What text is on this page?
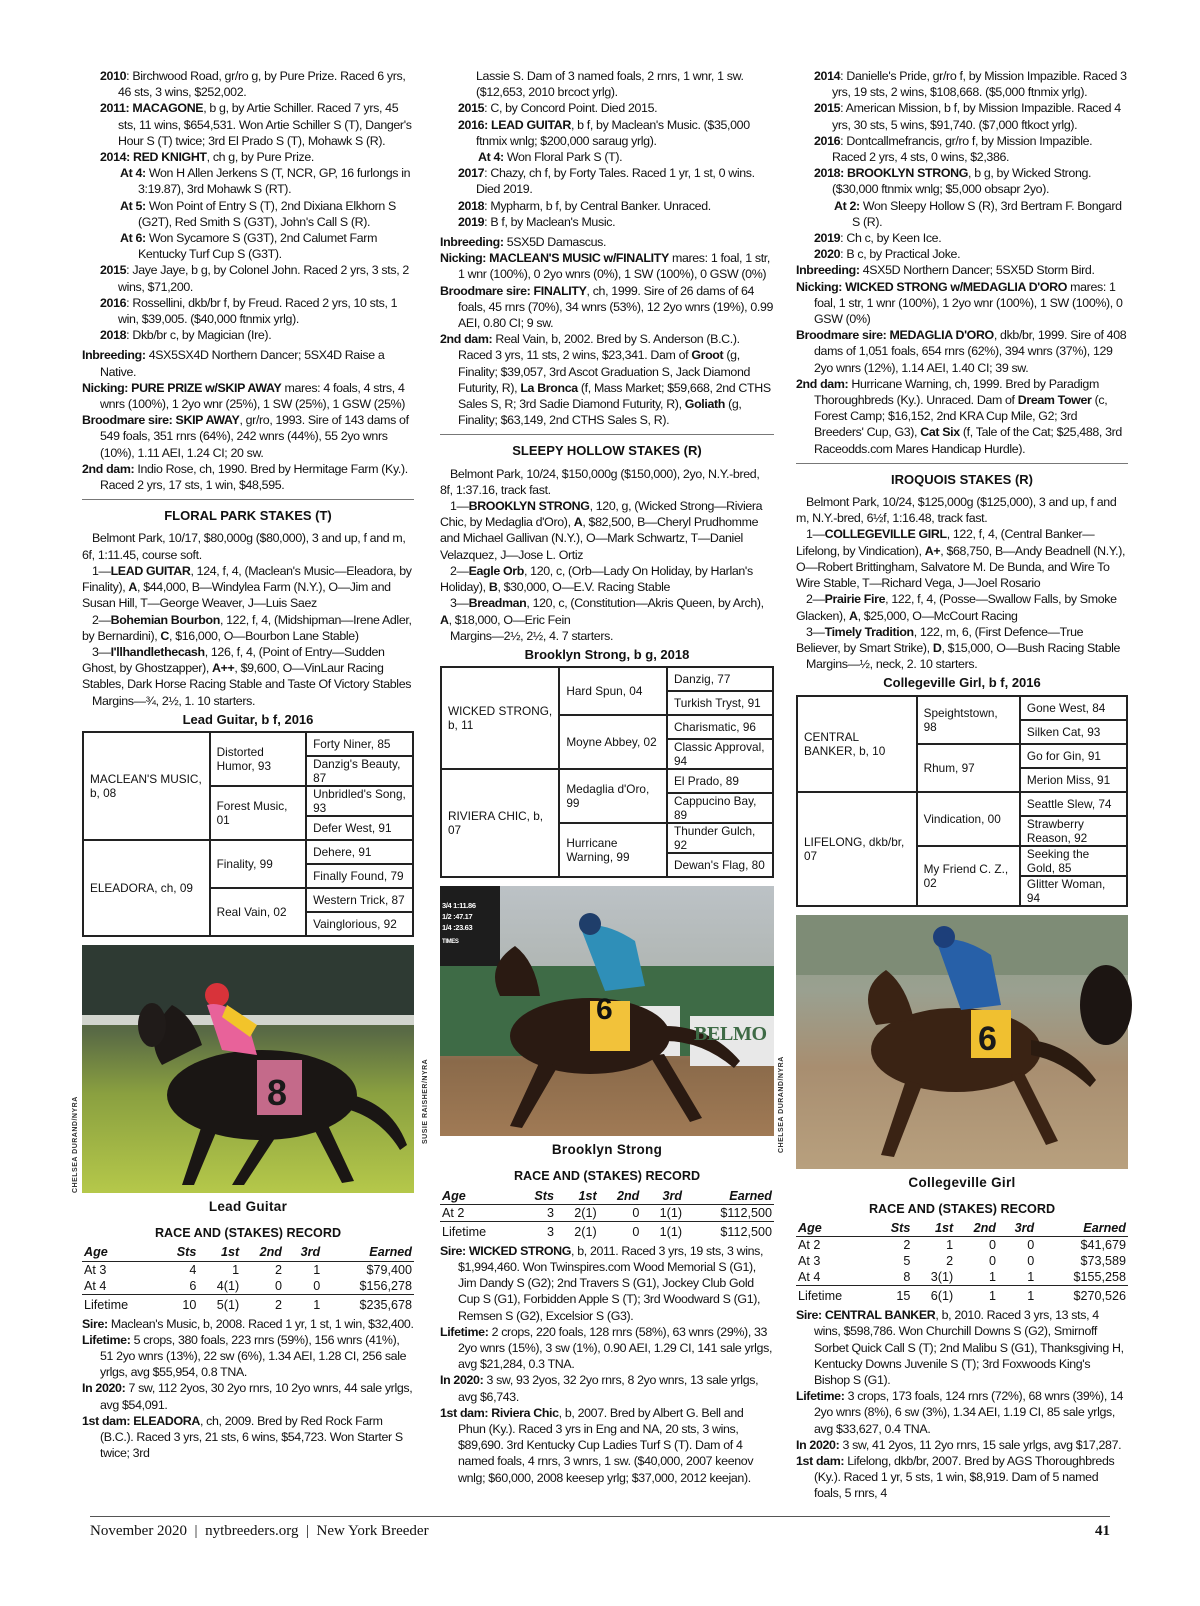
2010: Birchwood Road, gr/ro g, by Pure Prize. Raced 6 yrs, 46 sts, 3 wins, $252,002.

2011: MACAGONE, b g, by Artie Schiller. Raced 7 yrs, 45 sts, 11 wins, $654,531. Won Artie Schiller S (T), Danger's Hour S (T) twice; 3rd El Prado S (T), Mohawk S (R).

2014: RED KNIGHT, ch g, by Pure Prize.

At 4: Won H Allen Jerkens S (T, NCR, GP, 16 furlongs in 3:19.87), 3rd Mohawk S (RT).

At 5: Won Point of Entry S (T), 2nd Dixiana Elkhorn S (G2T), Red Smith S (G3T), John's Call S (R).

At 6: Won Sycamore S (G3T), 2nd Calumet Farm Kentucky Turf Cup S (G3T).

2015: Jaye Jaye, b g, by Colonel John. Raced 2 yrs, 3 sts, 2 wins, $71,200.

2016: Rossellini, dkb/br f, by Freud. Raced 2 yrs, 10 sts, 1 win, $39,005. ($40,000 ftnmix yrlg).

2018: Dkb/br c, by Magician (Ire).

Inbreeding: 4SX5SX4D Northern Dancer; 5SX4D Raise a Native.

Nicking: PURE PRIZE w/SKIP AWAY mares: 4 foals, 4 strs, 4 wnrs (100%), 1 2yo wnr (25%), 1 SW (25%), 1 GSW (25%)

Broodmare sire: SKIP AWAY, gr/ro, 1993. Sire of 143 dams of 549 foals, 351 rnrs (64%), 242 wnrs (44%), 55 2yo wnrs (10%), 1.11 AEI, 1.24 CI; 20 sw.

2nd dam: Indio Rose, ch, 1990. Bred by Hermitage Farm (Ky.). Raced 2 yrs, 17 sts, 1 win, $48,595.

FLORAL PARK STAKES (T)

Belmont Park, 10/17, $80,000g ($80,000), 3 and up, f and m, 6f, 1:11.45, course soft.

1—LEAD GUITAR, 124, f, 4, (Maclean's Music—Eleadora, by Finality), A, $44,000, B—Windylea Farm (N.Y.), O—Jim and Susan Hill, T—George Weaver, J—Luis Saez

2—Bohemian Bourbon, 122, f, 4, (Midshipman—Irene Adler, by Bernardini), C, $16,000, O—Bourbon Lane Stable)

3—I'llhandlethecash, 126, f, 4, (Point of Entry—Sudden Ghost, by Ghostzapper), A++, $9,600, O—VinLaur Racing Stables, Dark Horse Racing Stable and Taste Of Victory Stables

Margins—¾, 2½, 1. 10 starters.

Lead Guitar, b f, 2016
MACLEAN'S MUSIC, b, 08	Distorted Humor, 93	Forty Niner, 85
		Danzig's Beauty, 87
	Forest Music, 01	Unbridled's Song, 93
		Defer West, 91
ELEADORA, ch, 09	Finality, 99	Dehere, 91
		Finally Found, 79
	Real Vain, 02	Western Trick, 87
		Vainglorious, 92
8
CHELSEA DURAND/NYRA
Lead Guitar
RACE AND (STAKES) RECORD
Age	Sts	1st	2nd	3rd	Earned
At 3	4	1	2	1	$79,400
At 4	6	4(1)	0	0	$156,278
Lifetime	10	5(1)	2	1	$235,678

Sire: Maclean's Music, b, 2008. Raced 1 yr, 1 st, 1 win, $32,400.

Lifetime: 5 crops, 380 foals, 223 rnrs (59%), 156 wnrs (41%), 51 2yo wnrs (13%), 22 sw (6%), 1.34 AEI, 1.28 CI, 256 sale yrlgs, avg $55,954, 0.8 TNA.

In 2020: 7 sw, 112 2yos, 30 2yo rnrs, 10 2yo wnrs, 44 sale yrlgs, avg $54,091.

1st dam: ELEADORA, ch, 2009. Bred by Red Rock Farm (B.C.). Raced 3 yrs, 21 sts, 6 wins, $54,723. Won Starter S twice; 3rd

Lassie S. Dam of 3 named foals, 2 rnrs, 1 wnr, 1 sw. ($12,653, 2010 brcoct yrlg).

2015: C, by Concord Point. Died 2015.

2016: LEAD GUITAR, b f, by Maclean's Music. ($35,000 ftnmix wnlg; $200,000 saraug yrlg).

At 4: Won Floral Park S (T).

2017: Chazy, ch f, by Forty Tales. Raced 1 yr, 1 st, 0 wins. Died 2019.

2018: Mypharm, b f, by Central Banker. Unraced.

2019: B f, by Maclean's Music.

Inbreeding: 5SX5D Damascus.

Nicking: MACLEAN'S MUSIC w/FINALITY mares: 1 foal, 1 str, 1 wnr (100%), 0 2yo wnrs (0%), 1 SW (100%), 0 GSW (0%)

Broodmare sire: FINALITY, ch, 1999. Sire of 26 dams of 64 foals, 45 rnrs (70%), 34 wnrs (53%), 12 2yo wnrs (19%), 0.99 AEI, 0.80 CI; 9 sw.

2nd dam: Real Vain, b, 2002. Bred by S. Anderson (B.C.). Raced 3 yrs, 11 sts, 2 wins, $23,341. Dam of Groot (g, Finality; $39,057, 3rd Ascot Graduation S, Jack Diamond Futurity, R), La Bronca (f, Mass Market; $59,668, 2nd CTHS Sales S, R; 3rd Sadie Diamond Futurity, R), Goliath (g, Finality; $63,149, 2nd CTHS Sales S, R).

SLEEPY HOLLOW STAKES (R)

Belmont Park, 10/24, $150,000g ($150,000), 2yo, N.Y.-bred, 8f, 1:37.16, track fast.

1—BROOKLYN STRONG, 120, g, (Wicked Strong—Riviera Chic, by Medaglia d'Oro), A, $82,500, B—Cheryl Prudhomme and Michael Gallivan (N.Y.), O—Mark Schwartz, T—Daniel Velazquez, J—Jose L. Ortiz

2—Eagle Orb, 120, c, (Orb—Lady On Holiday, by Harlan's Holiday), B, $30,000, O—E.V. Racing Stable

3—Breadman, 120, c, (Constitution—Akris Queen, by Arch), A, $18,000, O—Eric Fein

Margins—2½, 2½, 4. 7 starters.

Brooklyn Strong, b g, 2018
WICKED STRONG, b, 11	Hard Spun, 04	Danzig, 77
		Turkish Tryst, 91
	Moyne Abbey, 02	Charismatic, 96
		Classic Approval, 94
RIVIERA CHIC, b, 07	Medaglia d'Oro, 99	El Prado, 89
		Cappucino Bay, 89
	Hurricane Warning, 99	Thunder Gulch, 92
		Dewan's Flag, 80
3/4 1:11.86
1/2 :47.17
1/4 :23.63
TIMES
6
BELMO
SUSIE RAISHER/NYRA
Brooklyn Strong
RACE AND (STAKES) RECORD
Age	Sts	1st	2nd	3rd	Earned
At 2	3	2(1)	0	1(1)	$112,500
Lifetime	3	2(1)	0	1(1)	$112,500

Sire: WICKED STRONG, b, 2011. Raced 3 yrs, 19 sts, 3 wins, $1,994,460. Won Twinspires.com Wood Memorial S (G1), Jim Dandy S (G2); 2nd Travers S (G1), Jockey Club Gold Cup S (G1), Forbidden Apple S (T); 3rd Woodward S (G1), Remsen S (G2), Excelsior S (G3).

Lifetime: 2 crops, 220 foals, 128 rnrs (58%), 63 wnrs (29%), 33 2yo wnrs (15%), 3 sw (1%), 0.90 AEI, 1.29 CI, 141 sale yrlgs, avg $21,284, 0.3 TNA.

In 2020: 3 sw, 93 2yos, 32 2yo rnrs, 8 2yo wnrs, 13 sale yrlgs, avg $6,743.

1st dam: Riviera Chic, b, 2007. Bred by Albert G. Bell and Phun (Ky.). Raced 3 yrs in Eng and NA, 20 sts, 3 wins, $89,690. 3rd Kentucky Cup Ladies Turf S (T). Dam of 4 named foals, 4 rnrs, 3 wnrs, 1 sw. ($40,000, 2007 keenov wnlg; $60,000, 2008 keesep yrlg; $37,000, 2012 keejan).

2014: Danielle's Pride, gr/ro f, by Mission Impazible. Raced 3 yrs, 19 sts, 2 wins, $108,668. ($5,000 ftnmix yrlg).

2015: American Mission, b f, by Mission Impazible. Raced 4 yrs, 30 sts, 5 wins, $91,740. ($7,000 ftkoct yrlg).

2016: Dontcallmefrancis, gr/ro f, by Mission Impazible. Raced 2 yrs, 4 sts, 0 wins, $2,386.

2018: BROOKLYN STRONG, b g, by Wicked Strong. ($30,000 ftnmix wnlg; $5,000 obsapr 2yo).

At 2: Won Sleepy Hollow S (R), 3rd Bertram F. Bongard S (R).

2019: Ch c, by Keen Ice.

2020: B c, by Practical Joke.

Inbreeding: 4SX5D Northern Dancer; 5SX5D Storm Bird.

Nicking: WICKED STRONG w/MEDAGLIA D'ORO mares: 1 foal, 1 str, 1 wnr (100%), 1 2yo wnr (100%), 1 SW (100%), 0 GSW (0%)

Broodmare sire: MEDAGLIA D'ORO, dkb/br, 1999. Sire of 408 dams of 1,051 foals, 654 rnrs (62%), 394 wnrs (37%), 129 2yo wnrs (12%), 1.14 AEI, 1.40 CI; 39 sw.

2nd dam: Hurricane Warning, ch, 1999. Bred by Paradigm Thoroughbreds (Ky.). Unraced. Dam of Dream Tower (c, Forest Camp; $16,152, 2nd KRA Cup Mile, G2; 3rd Breeders' Cup, G3), Cat Six (f, Tale of the Cat; $25,488, 3rd Raceodds.com Mares Handicap Hurdle).

IROQUOIS STAKES (R)

Belmont Park, 10/24, $125,000g ($125,000), 3 and up, f and m, N.Y.-bred, 6½f, 1:16.48, track fast.

1—COLLEGEVILLE GIRL, 122, f, 4, (Central Banker—Lifelong, by Vindication), A+, $68,750, B—Andy Beadnell (N.Y.), O—Robert Brittingham, Salvatore M. De Bunda, and Wire To Wire Stable, T—Richard Vega, J—Joel Rosario

2—Prairie Fire, 122, f, 4, (Posse—Swallow Falls, by Smoke Glacken), A, $25,000, O—McCourt Racing

3—Timely Tradition, 122, m, 6, (First Defence—True Believer, by Smart Strike), D, $15,000, O—Bush Racing Stable

Margins—½, neck, 2. 10 starters.

Collegeville Girl, b f, 2016
CENTRAL BANKER, b, 10	Speightstown, 98	Gone West, 84
		Silken Cat, 93
	Rhum, 97	Go for Gin, 91
		Merion Miss, 91
LIFELONG, dkb/br, 07	Vindication, 00	Seattle Slew, 74
		Strawberry Reason, 92
	My Friend C. Z., 02	Seeking the Gold, 85
		Glitter Woman, 94
6
CHELSEA DURAND/NYRA
Collegeville Girl
RACE AND (STAKES) RECORD
Age	Sts	1st	2nd	3rd	Earned
At 2	2	1	0	0	$41,679
At 3	5	2	0	0	$73,589
At 4	8	3(1)	1	1	$155,258
Lifetime	15	6(1)	1	1	$270,526

Sire: CENTRAL BANKER, b, 2010. Raced 3 yrs, 13 sts, 4 wins, $598,786. Won Churchill Downs S (G2), Smirnoff Sorbet Quick Call S (T); 2nd Malibu S (G1), Thanksgiving H, Kentucky Downs Juvenile S (T); 3rd Foxwoods King's Bishop S (G1).

Lifetime: 3 crops, 173 foals, 124 rnrs (72%), 68 wnrs (39%), 14 2yo wnrs (8%), 6 sw (3%), 1.34 AEI, 1.19 CI, 85 sale yrlgs, avg $33,627, 0.4 TNA.

In 2020: 3 sw, 41 2yos, 11 2yo rnrs, 15 sale yrlgs, avg $17,287.

1st dam: Lifelong, dkb/br, 2007. Bred by AGS Thoroughbreds (Ky.). Raced 1 yr, 5 sts, 1 win, $8,919. Dam of 5 named foals, 5 rnrs, 4

November 2020  |  nytbreeders.org  |  New York Breeder	41
